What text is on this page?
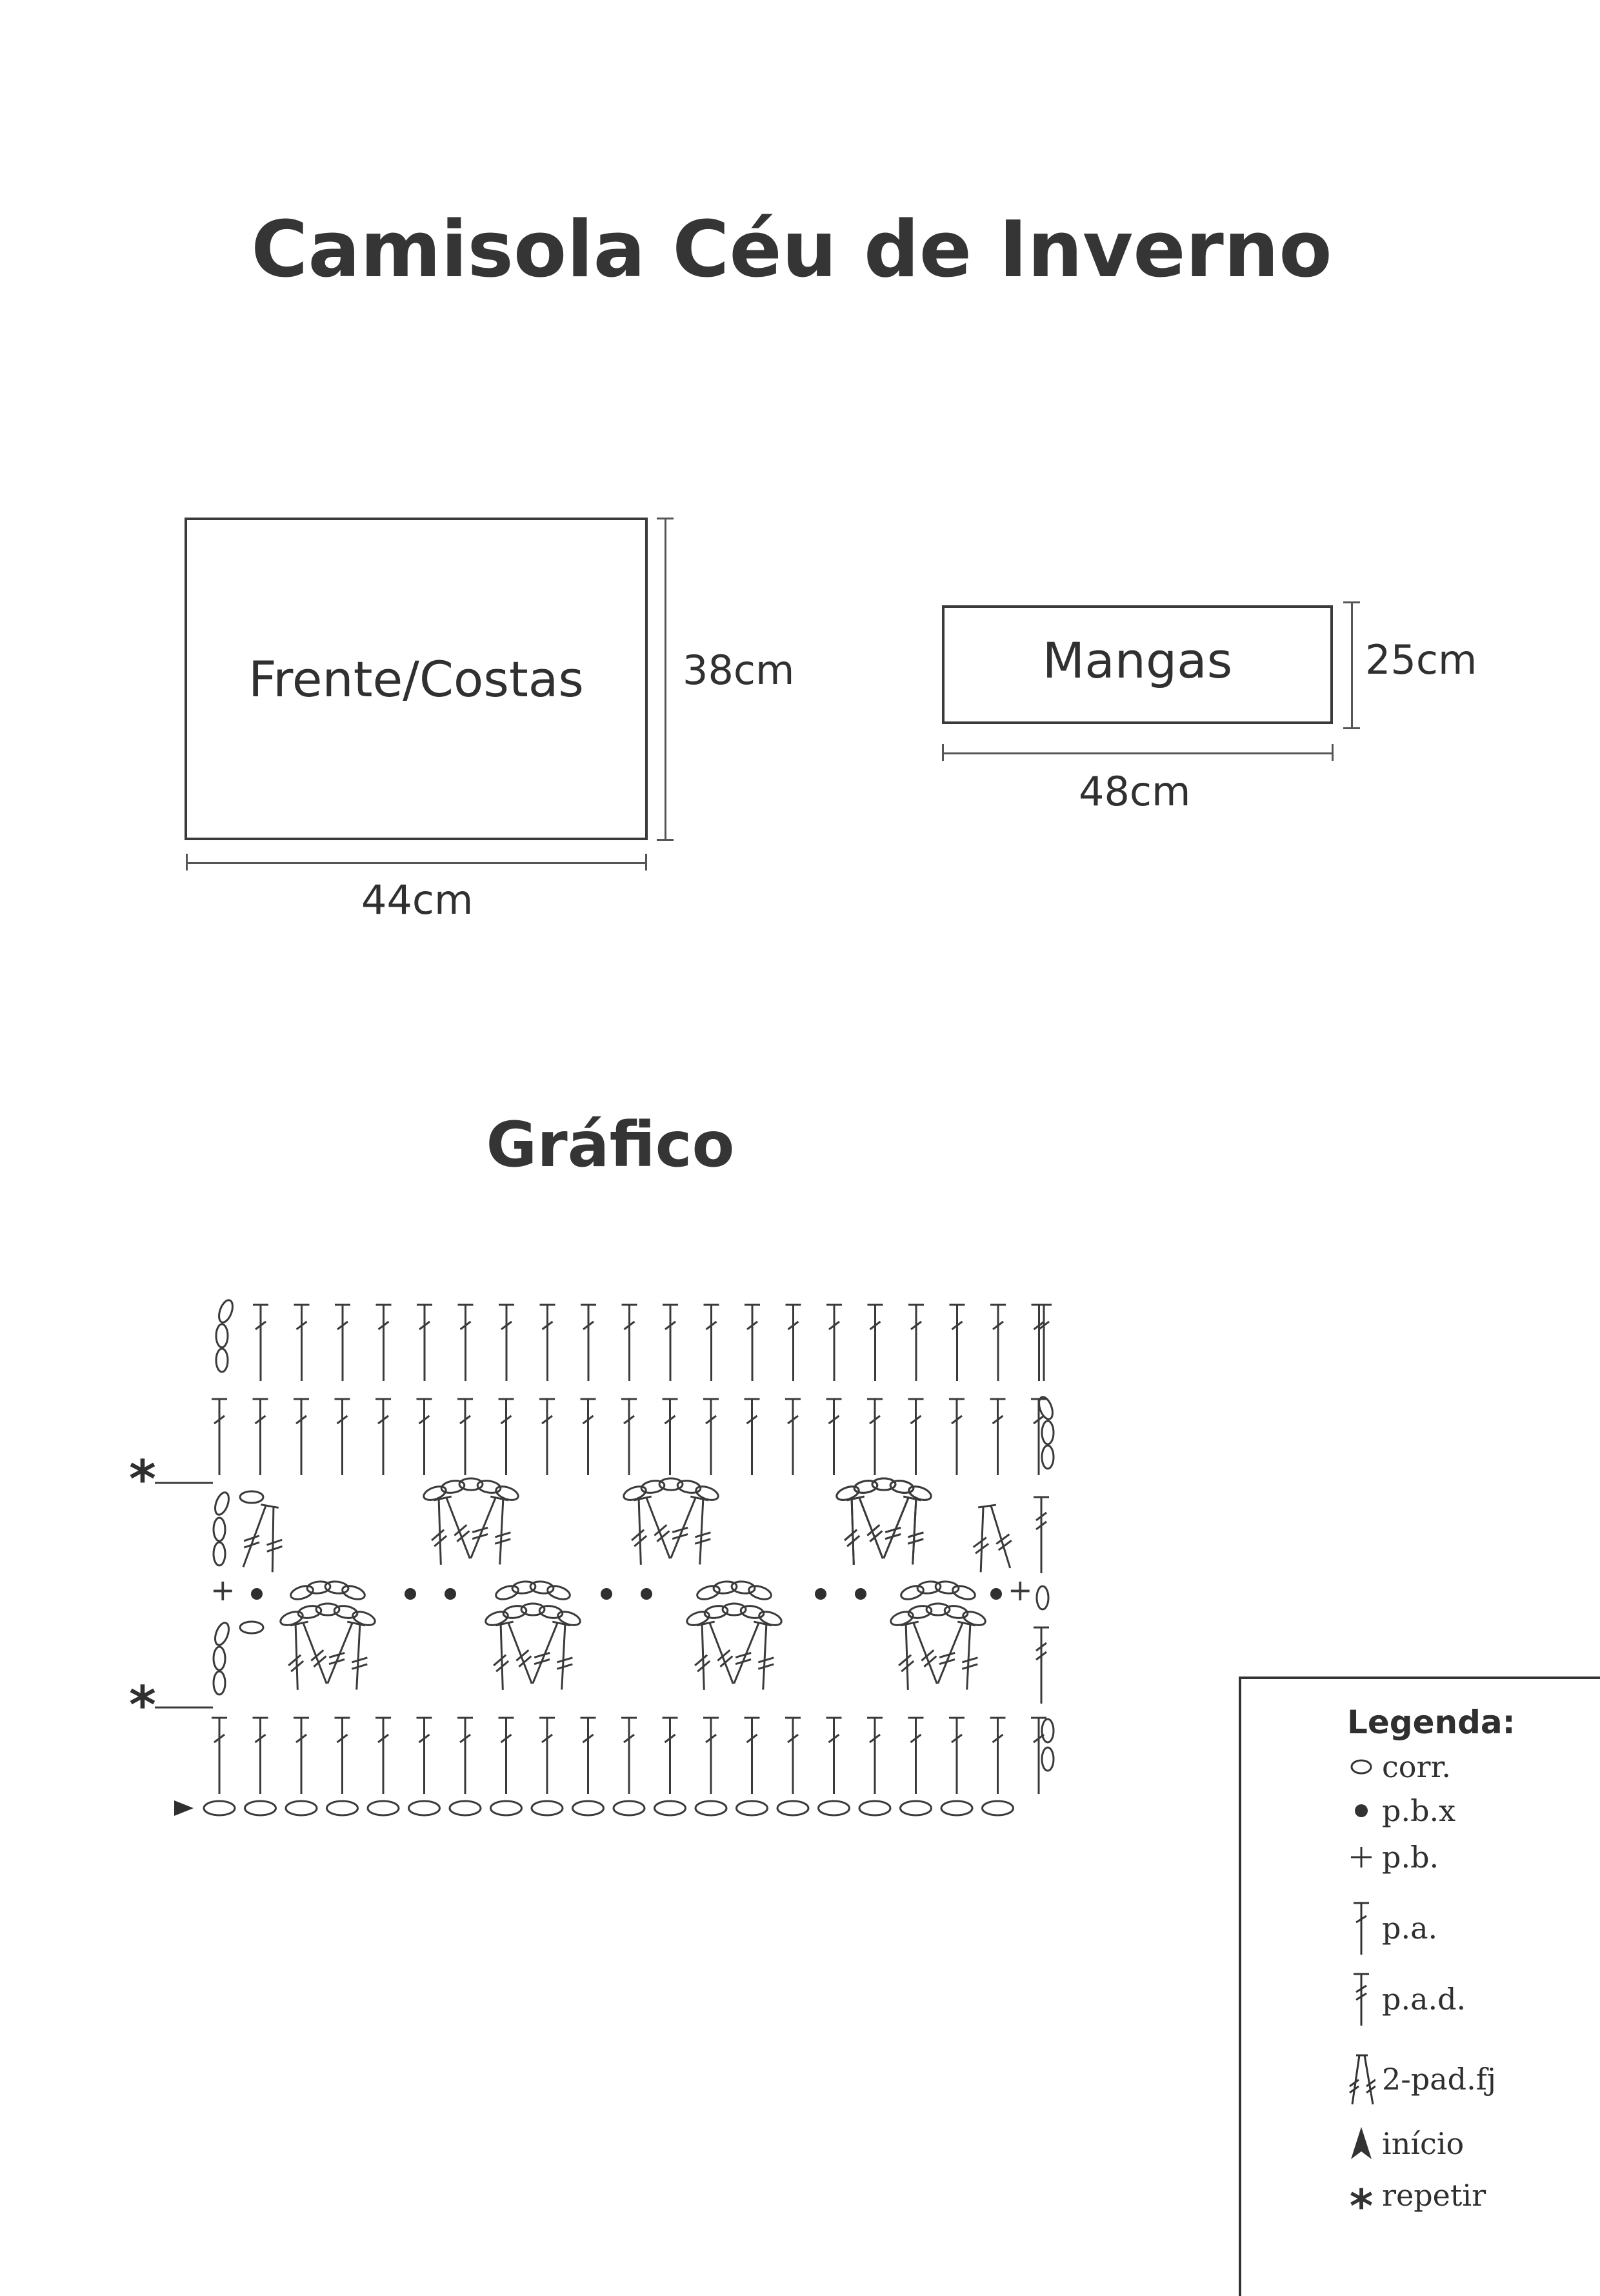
Camisola Céu de Inverno
Frente/Costas 38cm
44cm
Mangas	25cm
48cm
Gráfico
*
+	+
*	Legenda:
corr.
p.b.x
p.b.
p.a.
p.a.d.
2-pad.fj
início
* repetir
